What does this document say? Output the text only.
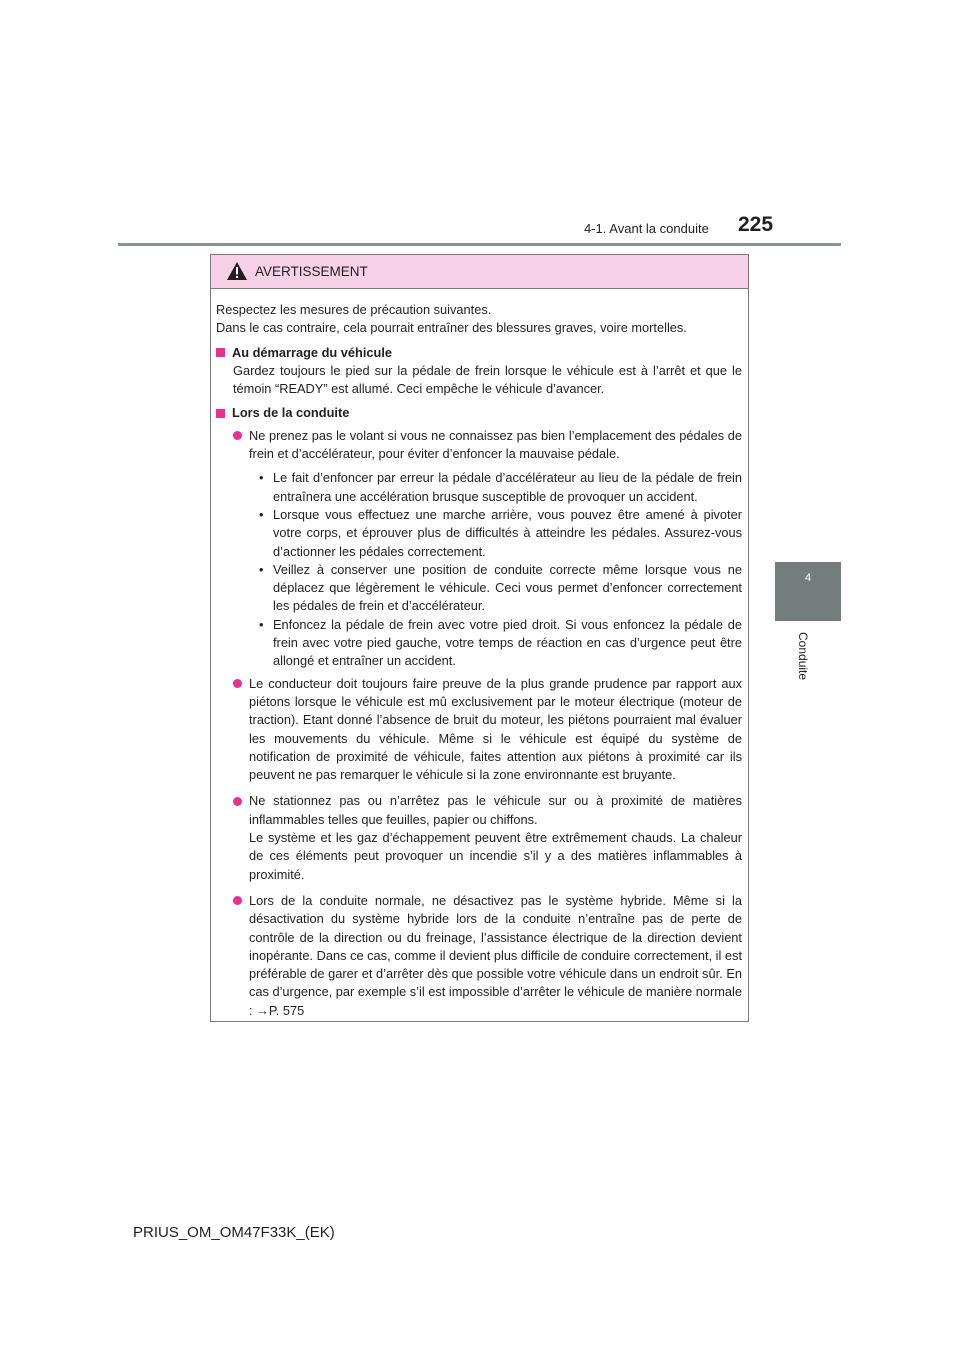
4-1. Avant la conduite 225
4
Conduite
AVERTISSEMENT

Respectez les mesures de précaution suivantes.

Dans le cas contraire, cela pourrait entraîner des blessures graves, voire mortelles.

Au démarrage du véhicule

Gardez toujours le pied sur la pédale de frein lorsque le véhicule est à l’arrêt et que le témoin “READY” est allumé. Ceci empêche le véhicule d’avancer.

Lors de la conduite
Ne prenez pas le volant si vous ne connaissez pas bien l’emplacement des pédales de frein et d’accélérateur, pour éviter d’enfoncer la mauvaise pédale.
• Le fait d’enfoncer par erreur la pédale d’accélérateur au lieu de la pédale de frein entraînera une accélération brusque susceptible de provoquer un accident.
• Lorsque vous effectuez une marche arrière, vous pouvez être amené à pivoter votre corps, et éprouver plus de difficultés à atteindre les pédales. Assurez-vous d’actionner les pédales correctement.
• Veillez à conserver une position de conduite correcte même lorsque vous ne déplacez que légèrement le véhicule. Ceci vous permet d’enfoncer correctement les pédales de frein et d’accélérateur.
• Enfoncez la pédale de frein avec votre pied droit. Si vous enfoncez la pédale de frein avec votre pied gauche, votre temps de réaction en cas d’urgence peut être allongé et entraîner un accident.
Le conducteur doit toujours faire preuve de la plus grande prudence par rapport aux piétons lorsque le véhicule est mû exclusivement par le moteur électrique (moteur de traction). Etant donné l’absence de bruit du moteur, les piétons pourraient mal évaluer les mouvements du véhicule. Même si le véhicule est équipé du système de notification de proximité de véhicule, faites attention aux piétons à proximité car ils peuvent ne pas remarquer le véhicule si la zone environnante est bruyante.
Ne stationnez pas ou n’arrêtez pas le véhicule sur ou à proximité de matières inflammables telles que feuilles, papier ou chiffons.
Le système et les gaz d’échappement peuvent être extrêmement chauds. La chaleur de ces éléments peut provoquer un incendie s’il y a des matières inflammables à proximité.
Lors de la conduite normale, ne désactivez pas le système hybride. Même si la désactivation du système hybride lors de la conduite n’entraîne pas de perte de contrôle de la direction ou du freinage, l’assistance électrique de la direction devient inopérante. Dans ce cas, comme il devient plus difficile de conduire correctement, il est préférable de garer et d’arrêter dès que possible votre véhicule dans un endroit sûr. En cas d’urgence, par exemple s’il est impossible d’arrêter le véhicule de manière normale : →P. 575
PRIUS_OM_OM47F33K_(EK)
